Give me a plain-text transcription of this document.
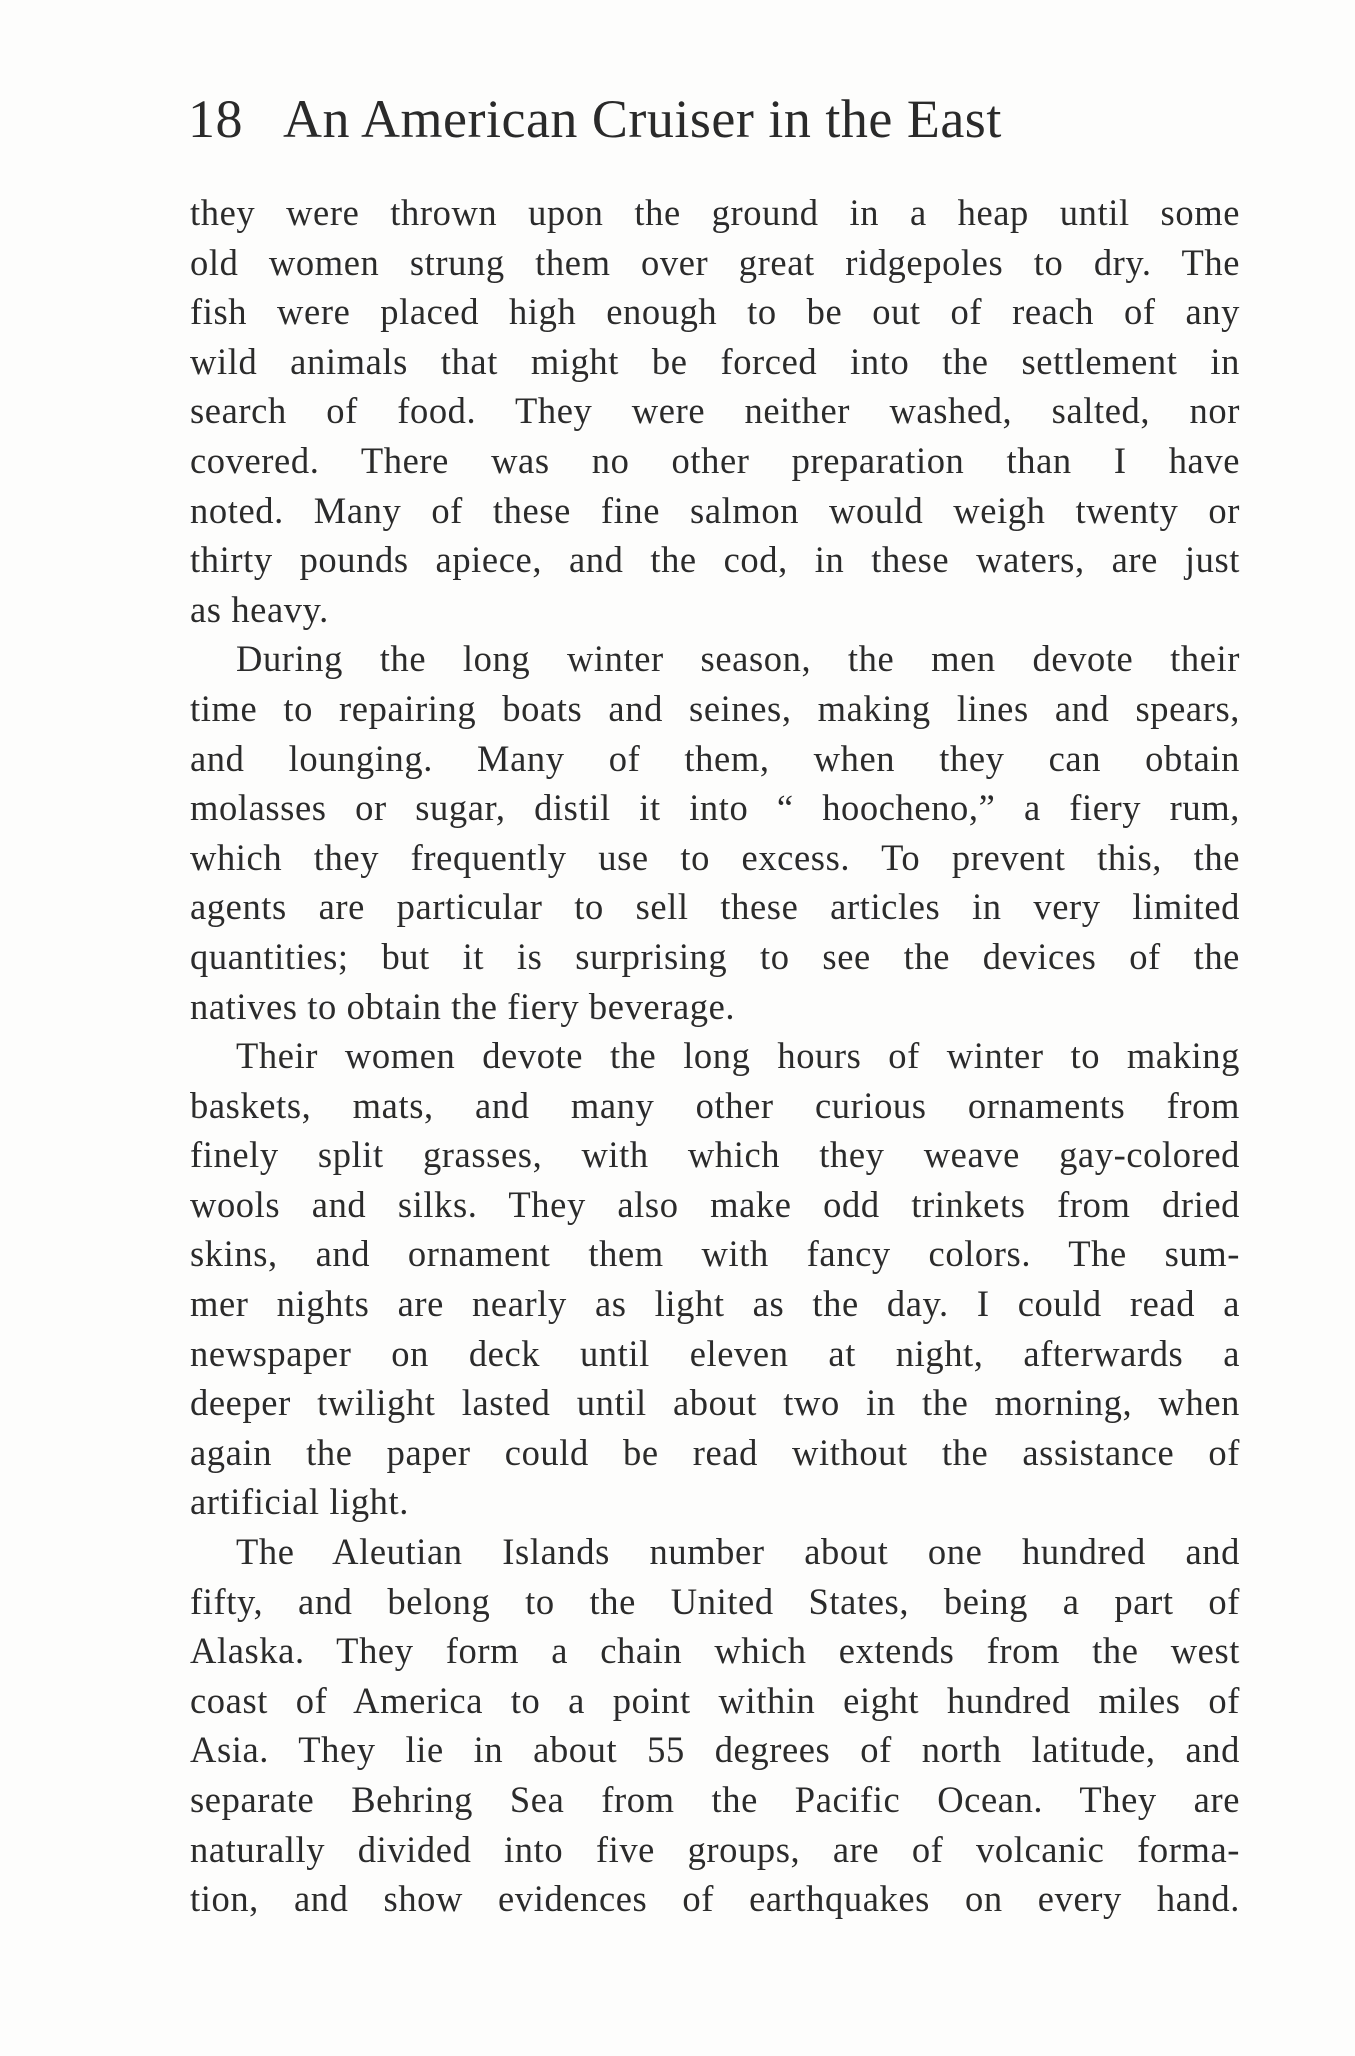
18 An American Cruiser in the East
they were thrown upon the ground in a heap until some
old women strung them over great ridgepoles to dry. The
fish were placed high enough to be out of reach of any
wild animals that might be forced into the settlement in
search of food. They were neither washed, salted, nor
covered. There was no other preparation than I have
noted. Many of these fine salmon would weigh twenty or
thirty pounds apiece, and the cod, in these waters, are just
as heavy.
During the long winter season, the men devote their
time to repairing boats and seines, making lines and spears,
and lounging. Many of them, when they can obtain
molasses or sugar, distil it into “ hoocheno,” a fiery rum,
which they frequently use to excess. To prevent this, the
agents are particular to sell these articles in very limited
quantities; but it is surprising to see the devices of the
natives to obtain the fiery beverage.
Their women devote the long hours of winter to making
baskets, mats, and many other curious ornaments from
finely split grasses, with which they weave gay-colored
wools and silks. They also make odd trinkets from dried
skins, and ornament them with fancy colors. The sum-
mer nights are nearly as light as the day. I could read a
newspaper on deck until eleven at night, afterwards a
deeper twilight lasted until about two in the morning, when
again the paper could be read without the assistance of
artificial light.
The Aleutian Islands number about one hundred and
fifty, and belong to the United States, being a part of
Alaska. They form a chain which extends from the west
coast of America to a point within eight hundred miles of
Asia. They lie in about 55 degrees of north latitude, and
separate Behring Sea from the Pacific Ocean. They are
naturally divided into five groups, are of volcanic forma-
tion, and show evidences of earthquakes on every hand.
